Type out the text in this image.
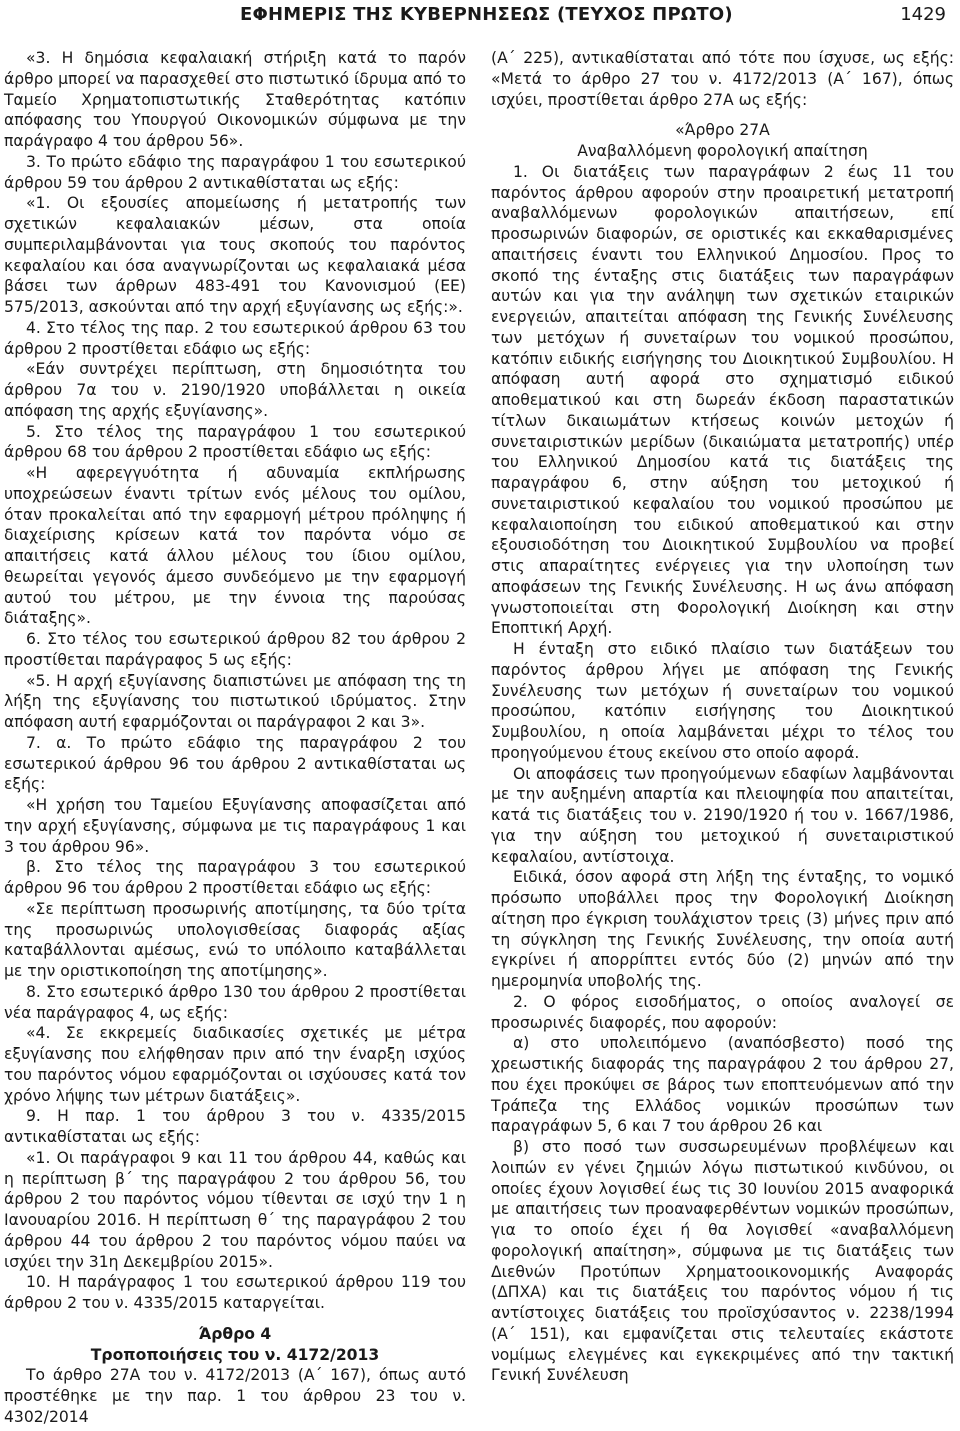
ΕΦΗΜΕΡΙΣ ΤΗΣ ΚΥΒΕΡΝΗΣΕΩΣ (ΤΕΥΧΟΣ ΠΡΩΤΟ)	1429

«3. Η δημόσια κεφαλαιακή στήριξη κατά το παρόν άρθρο μπορεί να παρασχεθεί στο πιστωτικό ίδρυμα από το Ταμείο Χρηματοπιστωτικής Σταθερότητας κατόπιν απόφασης του Υπουργού Οικονομικών σύμφωνα με την παράγραφο 4 του άρθρου 56».

3. Το πρώτο εδάφιο της παραγράφου 1 του εσωτερικού άρθρου 59 του άρθρου 2 αντικαθίσταται ως εξής:

«1. Οι εξουσίες απομείωσης ή μετατροπής των σχετικών κεφαλαιακών μέσων, στα οποία συμπεριλαμβάνονται για τους σκοπούς του παρόντος κεφαλαίου και όσα αναγνωρίζονται ως κεφαλαιακά μέσα βάσει των άρθρων 483-491 του Κανονισμού (ΕΕ) 575/2013, ασκούνται από την αρχή εξυγίανσης ως εξής:».

4. Στο τέλος της παρ. 2 του εσωτερικού άρθρου 63 του άρθρου 2 προστίθεται εδάφιο ως εξής:

«Εάν συντρέχει περίπτωση, στη δημοσιότητα του άρθρου 7α του ν. 2190/1920 υποβάλλεται η οικεία απόφαση της αρχής εξυγίανσης».

5. Στο τέλος της παραγράφου 1 του εσωτερικού άρθρου 68 του άρθρου 2 προστίθεται εδάφιο ως εξής:

«Η αφερεγγυότητα ή αδυναμία εκπλήρωσης υποχρεώσεων έναντι τρίτων ενός μέλους του ομίλου, όταν προκαλείται από την εφαρμογή μέτρου πρόληψης ή διαχείρισης κρίσεων κατά τον παρόντα νόμο σε απαιτήσεις κατά άλλου μέλους του ίδιου ομίλου, θεωρείται γεγονός άμεσο συνδεόμενο με την εφαρμογή αυτού του μέτρου, με την έννοια της παρούσας διάταξης».

6. Στο τέλος του εσωτερικού άρθρου 82 του άρθρου 2 προστίθεται παράγραφος 5 ως εξής:

«5. Η αρχή εξυγίανσης διαπιστώνει με απόφαση της τη λήξη της εξυγίανσης του πιστωτικού ιδρύματος. Στην απόφαση αυτή εφαρμόζονται οι παράγραφοι 2 και 3».

7. α. Το πρώτο εδάφιο της παραγράφου 2 του εσωτερικού άρθρου 96 του άρθρου 2 αντικαθίσταται ως εξής:

«Η χρήση του Ταμείου Εξυγίανσης αποφασίζεται από την αρχή εξυγίανσης, σύμφωνα με τις παραγράφους 1 και 3 του άρθρου 96».

β. Στο τέλος της παραγράφου 3 του εσωτερικού άρθρου 96 του άρθρου 2 προστίθεται εδάφιο ως εξής:

«Σε περίπτωση προσωρινής αποτίμησης, τα δύο τρίτα της προσωρινώς υπολογισθείσας διαφοράς αξίας καταβάλλονται αμέσως, ενώ το υπόλοιπο καταβάλλεται με την οριστικοποίηση της αποτίμησης».

8. Στο εσωτερικό άρθρο 130 του άρθρου 2 προστίθεται νέα παράγραφος 4, ως εξής:

«4. Σε εκκρεμείς διαδικασίες σχετικές με μέτρα εξυγίανσης που ελήφθησαν πριν από την έναρξη ισχύος του παρόντος νόμου εφαρμόζονται οι ισχύουσες κατά τον χρόνο λήψης των μέτρων διατάξεις».

9. Η παρ. 1 του άρθρου 3 του ν. 4335/2015 αντικαθίσταται ως εξής:

«1. Οι παράγραφοι 9 και 11 του άρθρου 44, καθώς και η περίπτωση β΄ της παραγράφου 2 του άρθρου 56, του άρθρου 2 του παρόντος νόμου τίθενται σε ισχύ την 1 η Ιανουαρίου 2016. Η περίπτωση θ΄ της παραγράφου 2 του άρθρου 44 του άρθρου 2 του παρόντος νόμου παύει να ισχύει την 31η Δεκεμβρίου 2015».

10. Η παράγραφος 1 του εσωτερικού άρθρου 119 του άρθρου 2 του ν. 4335/2015 καταργείται.

Άρθρο 4

Τροποποιήσεις του ν. 4172/2013

Το άρθρο 27Α του ν. 4172/2013 (Α΄ 167), όπως αυτό προστέθηκε με την παρ. 1 του άρθρου 23 του ν. 4302/2014

(Α΄ 225), αντικαθίσταται από τότε που ίσχυσε, ως εξής: «Μετά το άρθρο 27 του ν. 4172/2013 (Α΄ 167), όπως ισχύει, προστίθεται άρθρο 27Α ως εξής:

«Άρθρο 27Α

Αναβαλλόμενη φορολογική απαίτηση

1. Οι διατάξεις των παραγράφων 2 έως 11 του παρόντος άρθρου αφορούν στην προαιρετική μετατροπή αναβαλλόμενων φορολογικών απαιτήσεων, επί προσωρινών διαφορών, σε οριστικές και εκκαθαρισμένες απαιτήσεις έναντι του Ελληνικού Δημοσίου. Προς το σκοπό της ένταξης στις διατάξεις των παραγράφων αυτών και για την ανάληψη των σχετικών εταιρικών ενεργειών, απαιτείται απόφαση της Γενικής Συνέλευσης των μετόχων ή συνεταίρων του νομικού προσώπου, κατόπιν ειδικής εισήγησης του Διοικητικού Συμβουλίου. Η απόφαση αυτή αφορά στο σχηματισμό ειδικού αποθεματικού και στη δωρεάν έκδοση παραστατικών τίτλων δικαιωμάτων κτήσεως κοινών μετοχών ή συνεταιριστικών μερίδων (δικαιώματα μετατροπής) υπέρ του Ελληνικού Δημοσίου κατά τις διατάξεις της παραγράφου 6, στην αύξηση του μετοχικού ή συνεταιριστικού κεφαλαίου του νομικού προσώπου με κεφαλαιοποίηση του ειδικού αποθεματικού και στην εξουσιοδότηση του Διοικητικού Συμβουλίου να προβεί στις απαραίτητες ενέργειες για την υλοποίηση των αποφάσεων της Γενικής Συνέλευσης. Η ως άνω απόφαση γνωστοποιείται στη Φορολογική Διοίκηση και στην Εποπτική Αρχή.

Η ένταξη στο ειδικό πλαίσιο των διατάξεων του παρόντος άρθρου λήγει με απόφαση της Γενικής Συνέλευσης των μετόχων ή συνεταίρων του νομικού προσώπου, κατόπιν εισήγησης του Διοικητικού Συμβουλίου, η οποία λαμβάνεται μέχρι το τέλος του προηγούμενου έτους εκείνου στο οποίο αφορά.

Οι αποφάσεις των προηγούμενων εδαφίων λαμβάνονται με την αυξημένη απαρτία και πλειοψηφία που απαιτείται, κατά τις διατάξεις του ν. 2190/1920 ή του ν. 1667/1986, για την αύξηση του μετοχικού ή συνεταιριστικού κεφαλαίου, αντίστοιχα.

Ειδικά, όσον αφορά στη λήξη της ένταξης, το νομικό πρόσωπο υποβάλλει προς την Φορολογική Διοίκηση αίτηση προ έγκριση τουλάχιστον τρεις (3) μήνες πριν από τη σύγκληση της Γενικής Συνέλευσης, την οποία αυτή εγκρίνει ή απορρίπτει εντός δύο (2) μηνών από την ημερομηνία υποβολής της.

2. Ο φόρος εισοδήματος, ο οποίος αναλογεί σε προσωρινές διαφορές, που αφορούν:

α) στο υπολειπόμενο (αναπόσβεστο) ποσό της χρεωστικής διαφοράς της παραγράφου 2 του άρθρου 27, που έχει προκύψει σε βάρος των εποπτευόμενων από την Τράπεζα της Ελλάδος νομικών προσώπων των παραγράφων 5, 6 και 7 του άρθρου 26 και

β) στο ποσό των συσσωρευμένων προβλέψεων και λοιπών εν γένει ζημιών λόγω πιστωτικού κινδύνου, οι οποίες έχουν λογισθεί έως τις 30 Ιουνίου 2015 αναφορικά με απαιτήσεις των προαναφερθέντων νομικών προσώπων, για το οποίο έχει ή θα λογισθεί «αναβαλλόμενη φορολογική απαίτηση», σύμφωνα με τις διατάξεις των Διεθνών Προτύπων Χρηματοοικονομικής Αναφοράς (ΔΠΧΑ) και τις διατάξεις του παρόντος νόμου ή τις αντίστοιχες διατάξεις του προϊσχύσαντος ν. 2238/1994 (Α΄ 151), και εμφανίζεται στις τελευταίες εκάστοτε νομίμως ελεγμένες και εγκεκριμένες από την τακτική Γενική Συνέλευση
